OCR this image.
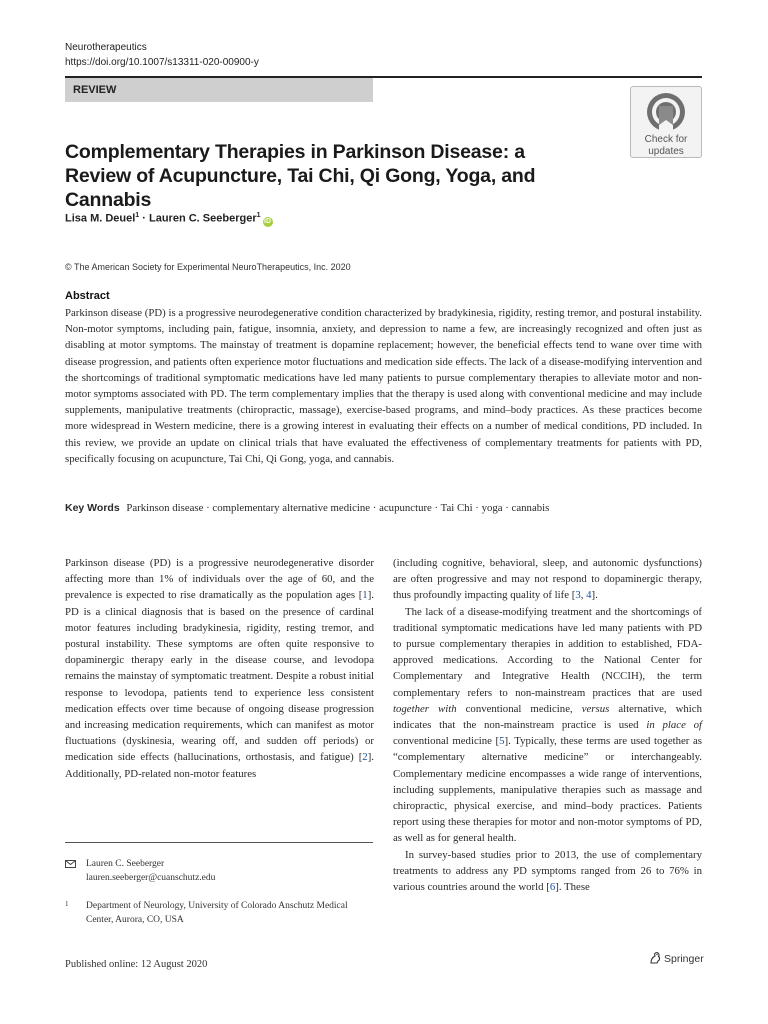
Neurotherapeutics
https://doi.org/10.1007/s13311-020-00900-y
REVIEW
Check for
updates
Complementary Therapies in Parkinson Disease: a Review of Acupuncture, Tai Chi, Qi Gong, Yoga, and Cannabis
Lisa M. Deuel$^1$ · Lauren C. Seeberger$^1$iD
© The American Society for Experimental NeuroTherapeutics, Inc. 2020
Abstract
Parkinson disease (PD) is a progressive neurodegenerative condition characterized by bradykinesia, rigidity, resting tremor, and postural instability. Non-motor symptoms, including pain, fatigue, insomnia, anxiety, and depression to name a few, are increasingly recognized and often just as disabling at motor symptoms. The mainstay of treatment is dopamine replacement; however, the beneficial effects tend to wane over time with disease progression, and patients often experience motor fluctuations and medication side effects. The lack of a disease-modifying intervention and the shortcomings of traditional symptomatic medications have led many patients to pursue complementary therapies to alleviate motor and non-motor symptoms associated with PD. The term complementary implies that the therapy is used along with conventional medicine and may include supplements, manipulative treatments (chiropractic, massage), exercise-based programs, and mind–body practices. As these practices become more widespread in Western medicine, there is a growing interest in evaluating their effects on a number of medical conditions, PD included. In this review, we provide an update on clinical trials that have evaluated the effectiveness of complementary treatments for patients with PD, specifically focusing on acupuncture, Tai Chi, Qi Gong, yoga, and cannabis.
Key Words Parkinson disease · complementary alternative medicine · acupuncture · Tai Chi · yoga · cannabis

Parkinson disease (PD) is a progressive neurodegenerative disorder affecting more than 1% of individuals over the age of 60, and the prevalence is expected to rise dramatically as the population ages [1]. PD is a clinical diagnosis that is based on the presence of cardinal motor features including bradykinesia, rigidity, resting tremor, and postural instability. These symptoms are often quite responsive to dopaminergic therapy early in the disease course, and levodopa remains the mainstay of symptomatic treatment. Despite a robust initial response to levodopa, patients tend to experience less consistent medication effects over time because of ongoing disease progression and increasing medication requirements, which can manifest as motor fluctuations (dyskinesia, wearing off, and sudden off periods) or medication side effects (hallucinations, orthostasis, and fatigue) [2]. Additionally, PD-related non-motor features

(including cognitive, behavioral, sleep, and autonomic dysfunctions) are often progressive and may not respond to dopaminergic therapy, thus profoundly impacting quality of life [3, 4].

The lack of a disease-modifying treatment and the shortcomings of traditional symptomatic medications have led many patients with PD to pursue complementary therapies in addition to established, FDA-approved medications. According to the National Center for Complementary and Integrative Health (NCCIH), the term complementary refers to non-mainstream practices that are used together with conventional medicine, versus alternative, which indicates that the non-mainstream practice is used in place of conventional medicine [5]. Typically, these terms are used together as “complementary alternative medicine” or interchangeably. Complementary medicine encompasses a wide range of interventions, including supplements, manipulative therapies such as massage and chiropractic, physical exercise, and mind–body practices. Patients report using these therapies for motor and non-motor symptoms of PD, as well as for general health.

In survey-based studies prior to 2013, the use of complementary treatments to address any PD symptoms ranged from 26 to 76% in various countries around the world [6]. These

Lauren C. Seeberger
lauren.seeberger@cuanschutz.edu
1	Department of Neurology, University of Colorado Anschutz Medical Center, Aurora, CO, USA
Published online: 12 August 2020	Springer
